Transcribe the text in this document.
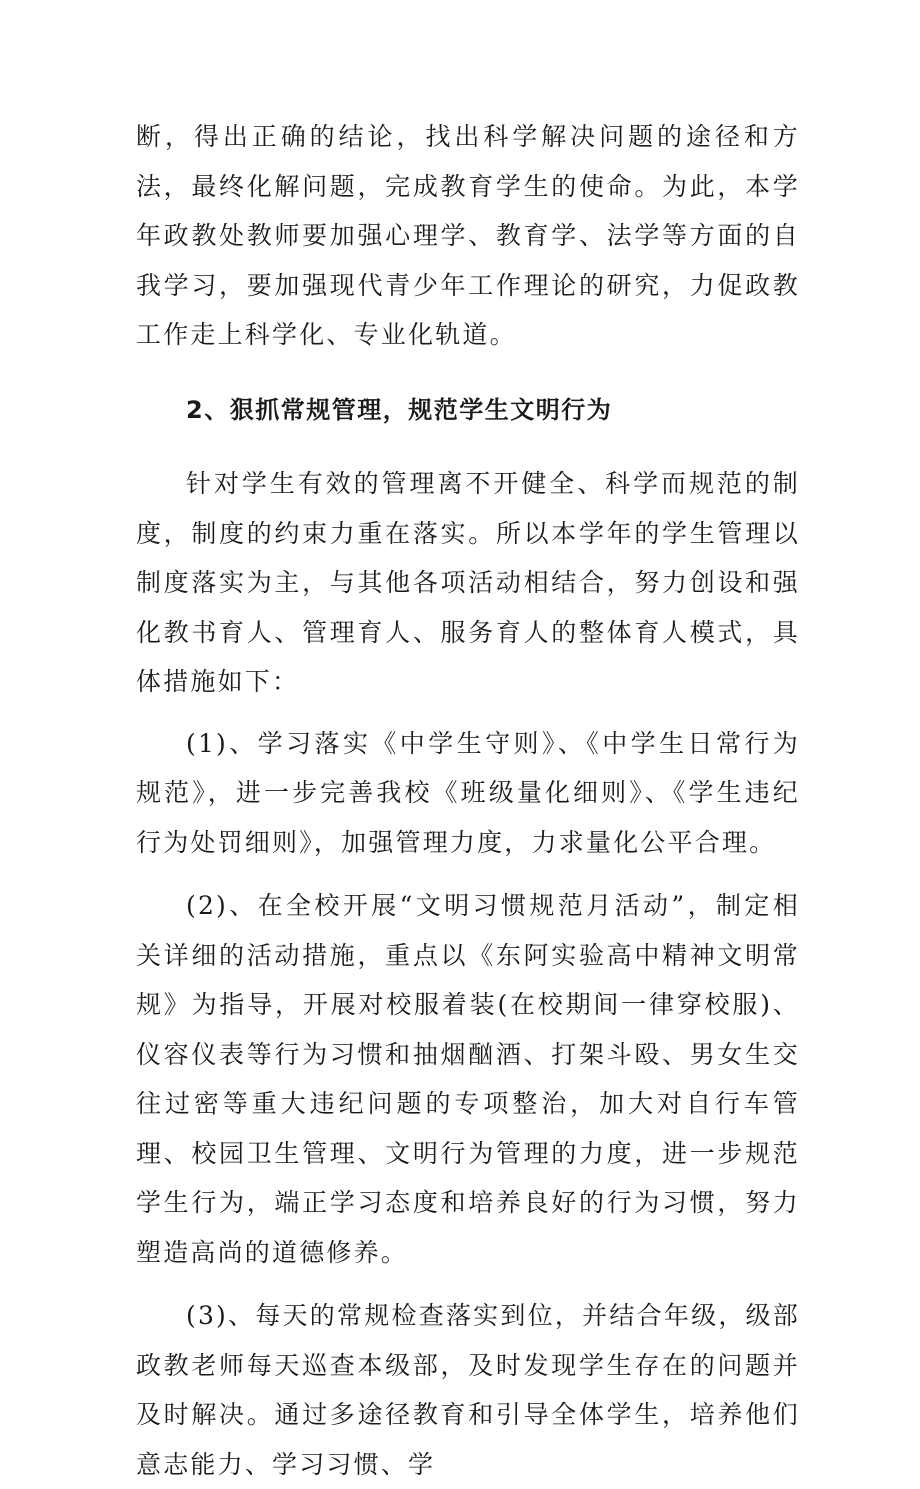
断，得出正确的结论，找出科学解决问题的途径和方法，最终化解问题，完成教育学生的使命。为此，本学年政教处教师要加强心理学、教育学、法学等方面的自我学习，要加强现代青少年工作理论的研究，力促政教工作走上科学化、专业化轨道。

2、狠抓常规管理，规范学生文明行为

针对学生有效的管理离不开健全、科学而规范的制度，制度的约束力重在落实。所以本学年的学生管理以制度落实为主，与其他各项活动相结合，努力创设和强化教书育人、管理育人、服务育人的整体育人模式，具体措施如下：

(1)、学习落实《中学生守则》、《中学生日常行为规范》，进一步完善我校《班级量化细则》、《学生违纪行为处罚细则》，加强管理力度，力求量化公平合理。

(2)、在全校开展“文明习惯规范月活动”，制定相关详细的活动措施，重点以《东阿实验高中精神文明常规》为指导，开展对校服着装(在校期间一律穿校服)、仪容仪表等行为习惯和抽烟酗酒、打架斗殴、男女生交往过密等重大违纪问题的专项整治，加大对自行车管理、校园卫生管理、文明行为管理的力度，进一步规范学生行为，端正学习态度和培养良好的行为习惯，努力塑造高尚的道德修养。

(3)、每天的常规检查落实到位，并结合年级，级部政教老师每天巡查本级部，及时发现学生存在的问题并及时解决。通过多途径教育和引导全体学生，培养他们意志能力、学习习惯、学
